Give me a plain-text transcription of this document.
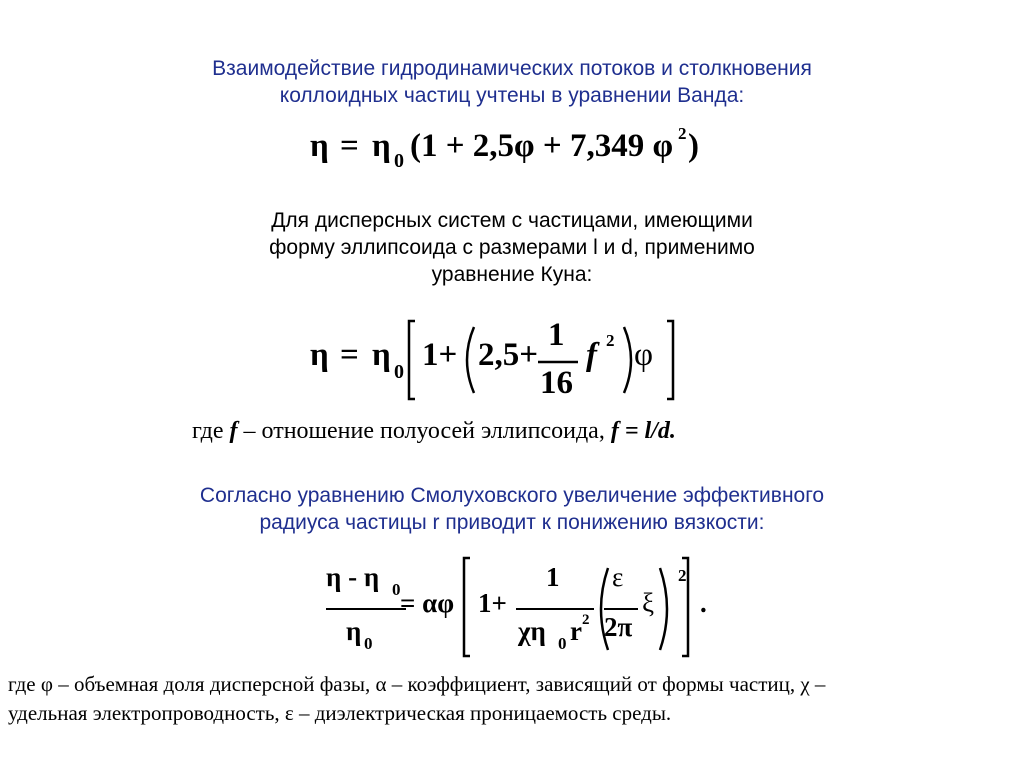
Взаимодействие гидродинамических потоков и столкновения
коллоидных частиц учтены в уравнении Ванда:
η = η 0 (1 + 2,5φ + 7,349 φ 2 )
Для дисперсных систем с частицами, имеющими
форму эллипсоида с размерами l и d, применимо
уравнение Куна:
η = η 0 1+ 2,5+
1
16
f 2 φ
где f – отношение полуосей эллипсоида, f = l/d.
Согласно уравнению Смолуховского увеличение эффективного
радиуса частицы r приводит к понижению вязкости:
η - η 0
η 0
= αφ 1+
1
χη 0 r 2
ε
2π
ξ
2
.
где φ – объемная доля дисперсной фазы, α – коэффициент, зависящий от формы частиц, χ –
удельная электропроводность, ε – диэлектрическая проницаемость среды.
